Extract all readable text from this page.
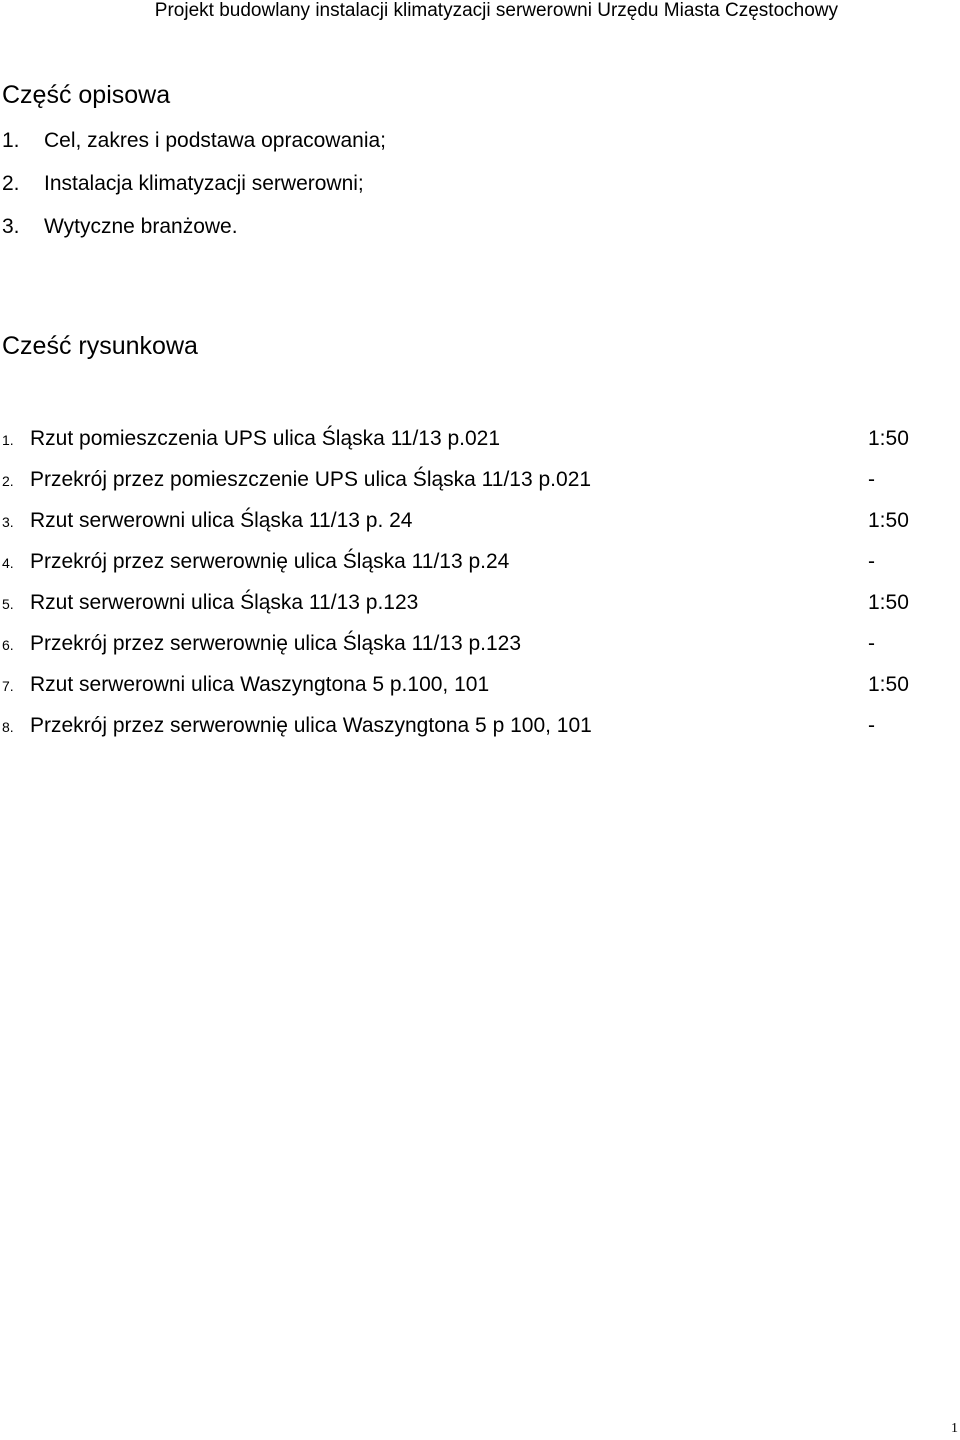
Projekt budowlany instalacji klimatyzacji serwerowni Urzędu Miasta Częstochowy
Część opisowa
1. Cel, zakres i podstawa opracowania;
2. Instalacja klimatyzacji serwerowni;
3. Wytyczne branżowe.
Cześć rysunkowa
1. Rzut pomieszczenia UPS ulica Śląska 11/13 p.021	1:50
2. Przekrój przez pomieszczenie UPS ulica Śląska 11/13 p.021	-
3. Rzut serwerowni ulica Śląska 11/13 p. 24	1:50
4. Przekrój przez serwerownię ulica Śląska 11/13 p.24	-
5. Rzut serwerowni ulica Śląska 11/13 p.123	1:50
6. Przekrój przez serwerownię ulica Śląska 11/13 p.123	-
7. Rzut serwerowni ulica Waszyngtona 5 p.100, 101	1:50
8. Przekrój przez serwerownię ulica Waszyngtona 5 p 100, 101	-
1
